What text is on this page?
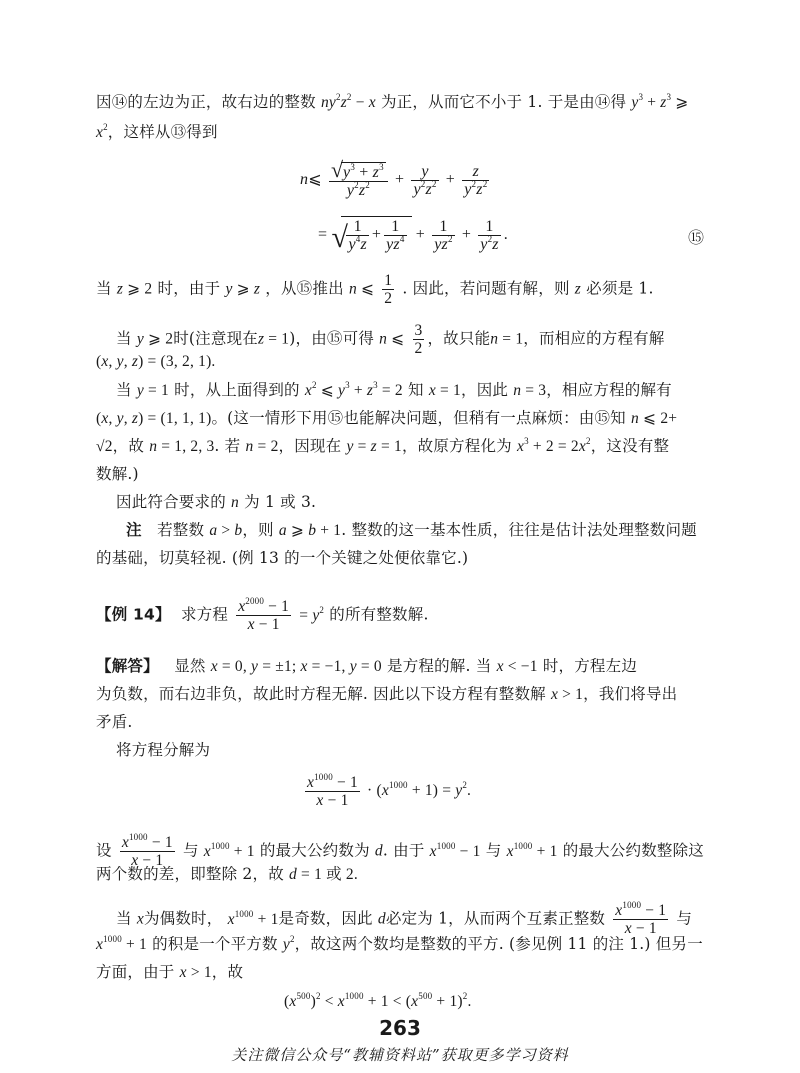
因⑭的左边为正，故右边的整数 $ny^2z^2 - x$ 为正，从而它不小于 1. 于是由⑭得 $y^3 + z^3$ ⩾
$x^2$，这样从⑬得到
n⩽ $\frac{√ y^3 + z^3}{y^2z^2} + \frac{y}{y^2z^2} + \frac{z}{y^2z^2}$
= √
$\frac{1}{y^4z} + \frac{1}{yz^4} + \frac{1}{yz^2} + \frac{1}{y^2z}$ .	⑮
当 z ⩾ 2 时，由于 y ⩾ z ，从⑮推出 n ⩽ $\frac{1}{2}$ . 因此，若问题有解，则 z 必须是 1.
当 y ⩾ 2时(注意现在z = 1)，由⑮可得 n ⩽ $\frac{3}{2}$ ，故只能n = 1，而相应的方程有解
(x, y, z) = (3, 2, 1).
当 y = 1 时，从上面得到的 $x^2$ ⩽ $y^3 + z^3 = 2$ 知 x = 1，因此 n = 3，相应方程的解有
(x, y, z) = (1, 1, 1)。(这一情形下用⑮也能解决问题，但稍有一点麻烦：由⑮知 n ⩽ 2+
√2，故 n = 1, 2, 3. 若 n = 2，因现在 y = z = 1，故原方程化为 $x^3 + 2 = 2x^2$，这没有整
数解.)
因此符合要求的 n 为 1 或 3.
注 若整数 a > b，则 a ⩾ b + 1. 整数的这一基本性质，往往是估计法处理整数问题
的基础，切莫轻视. (例 13 的一个关键之处便依靠它.)
【例 14】 求方程 $\frac{x^{2000} - 1}{x - 1} = y^2$ 的所有整数解.
【解答】 显然 x = 0, y = ±1; x = −1, y = 0 是方程的解. 当 x < −1 时，方程左边
为负数，而右边非负，故此时方程无解. 因此以下设方程有整数解 x > 1，我们将导出
矛盾.
将方程分解为
$\frac{x^{1000} - 1}{x - 1} \cdot (x^{1000} + 1) = y^2$.
设 $\frac{x^{1000} - 1}{x - 1}$ 与 $x^{1000} + 1$ 的最大公约数为 d. 由于 $x^{1000} - 1$ 与 $x^{1000} + 1$ 的最大公约数整除这
两个数的差，即整除 2，故 d = 1 或 2.
当 x为偶数时， $x^{1000} + 1$是奇数，因此 d必定为 1，从而两个互素正整数 $\frac{x^{1000} - 1}{x - 1}$ 与
$x^{1000} + 1$ 的积是一个平方数 $y^2$，故这两个数均是整数的平方. (参见例 11 的注 1.) 但另一
方面，由于 x > 1，故
$(x^{500})^2 < x^{1000} + 1 < (x^{500} + 1)^2$.
263
关注微信公众号“教辅资料站”获取更多学习资料
